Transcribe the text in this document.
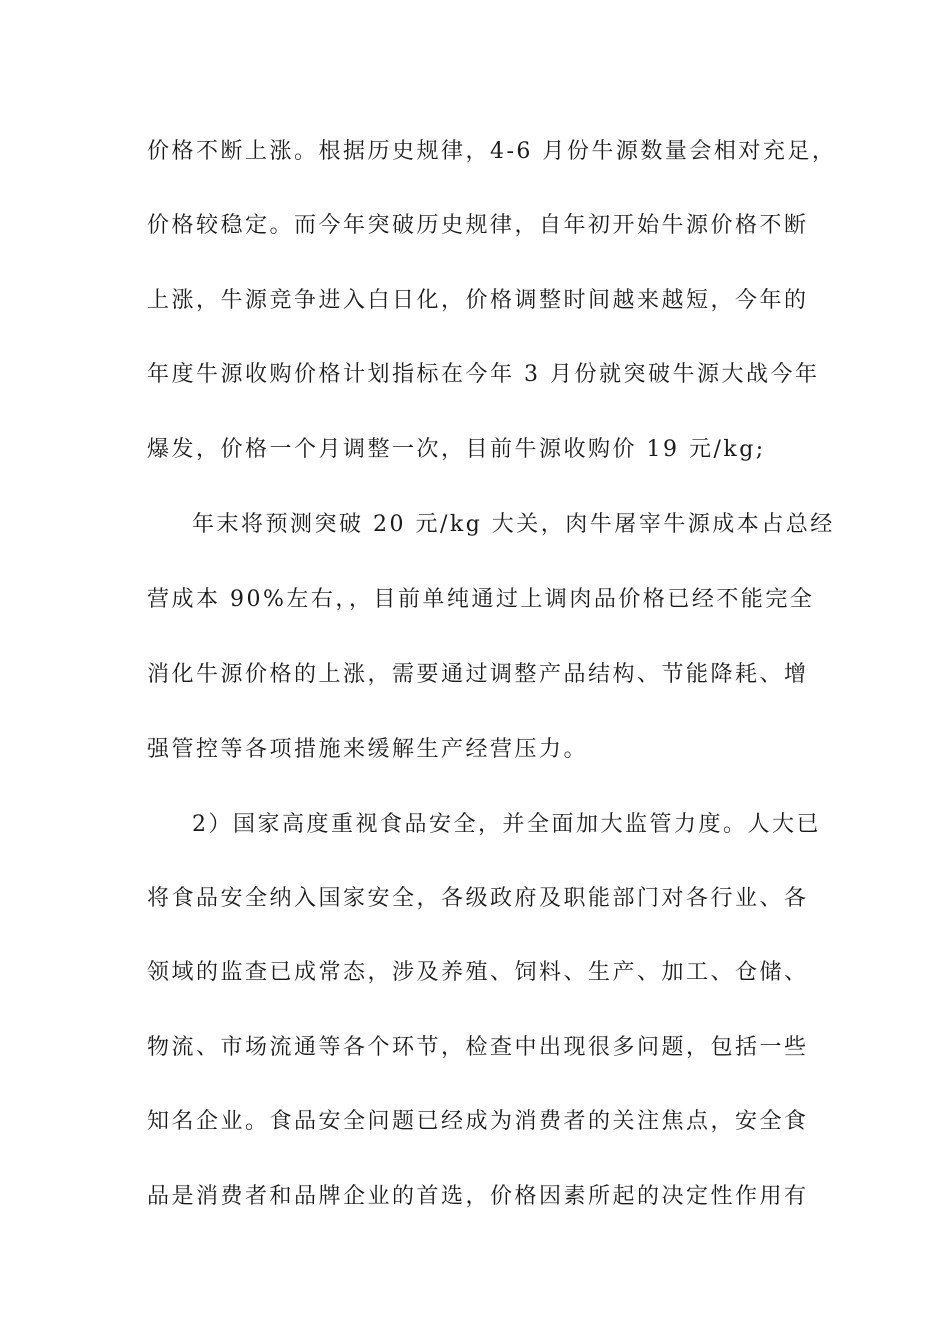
价格不断上涨。根据历史规律，4-6 月份牛源数量会相对充足，
价格较稳定。而今年突破历史规律，自年初开始牛源价格不断
上涨，牛源竞争进入白日化，价格调整时间越来越短，今年的
年度牛源收购价格计划指标在今年 3 月份就突破牛源大战今年
爆发，价格一个月调整一次，目前牛源收购价 19 元/kg;
年末将预测突破 20 元/kg 大关，肉牛屠宰牛源成本占总经
营成本 90%左右，，目前单纯通过上调肉品价格已经不能完全
消化牛源价格的上涨，需要通过调整产品结构、节能降耗、增
强管控等各项措施来缓解生产经营压力。
2）国家高度重视食品安全，并全面加大监管力度。人大已
将食品安全纳入国家安全，各级政府及职能部门对各行业、各
领域的监查已成常态，涉及养殖、饲料、生产、加工、仓储、
物流、市场流通等各个环节，检查中出现很多问题，包括一些
知名企业。食品安全问题已经成为消费者的关注焦点，安全食
品是消费者和品牌企业的首选，价格因素所起的决定性作用有
